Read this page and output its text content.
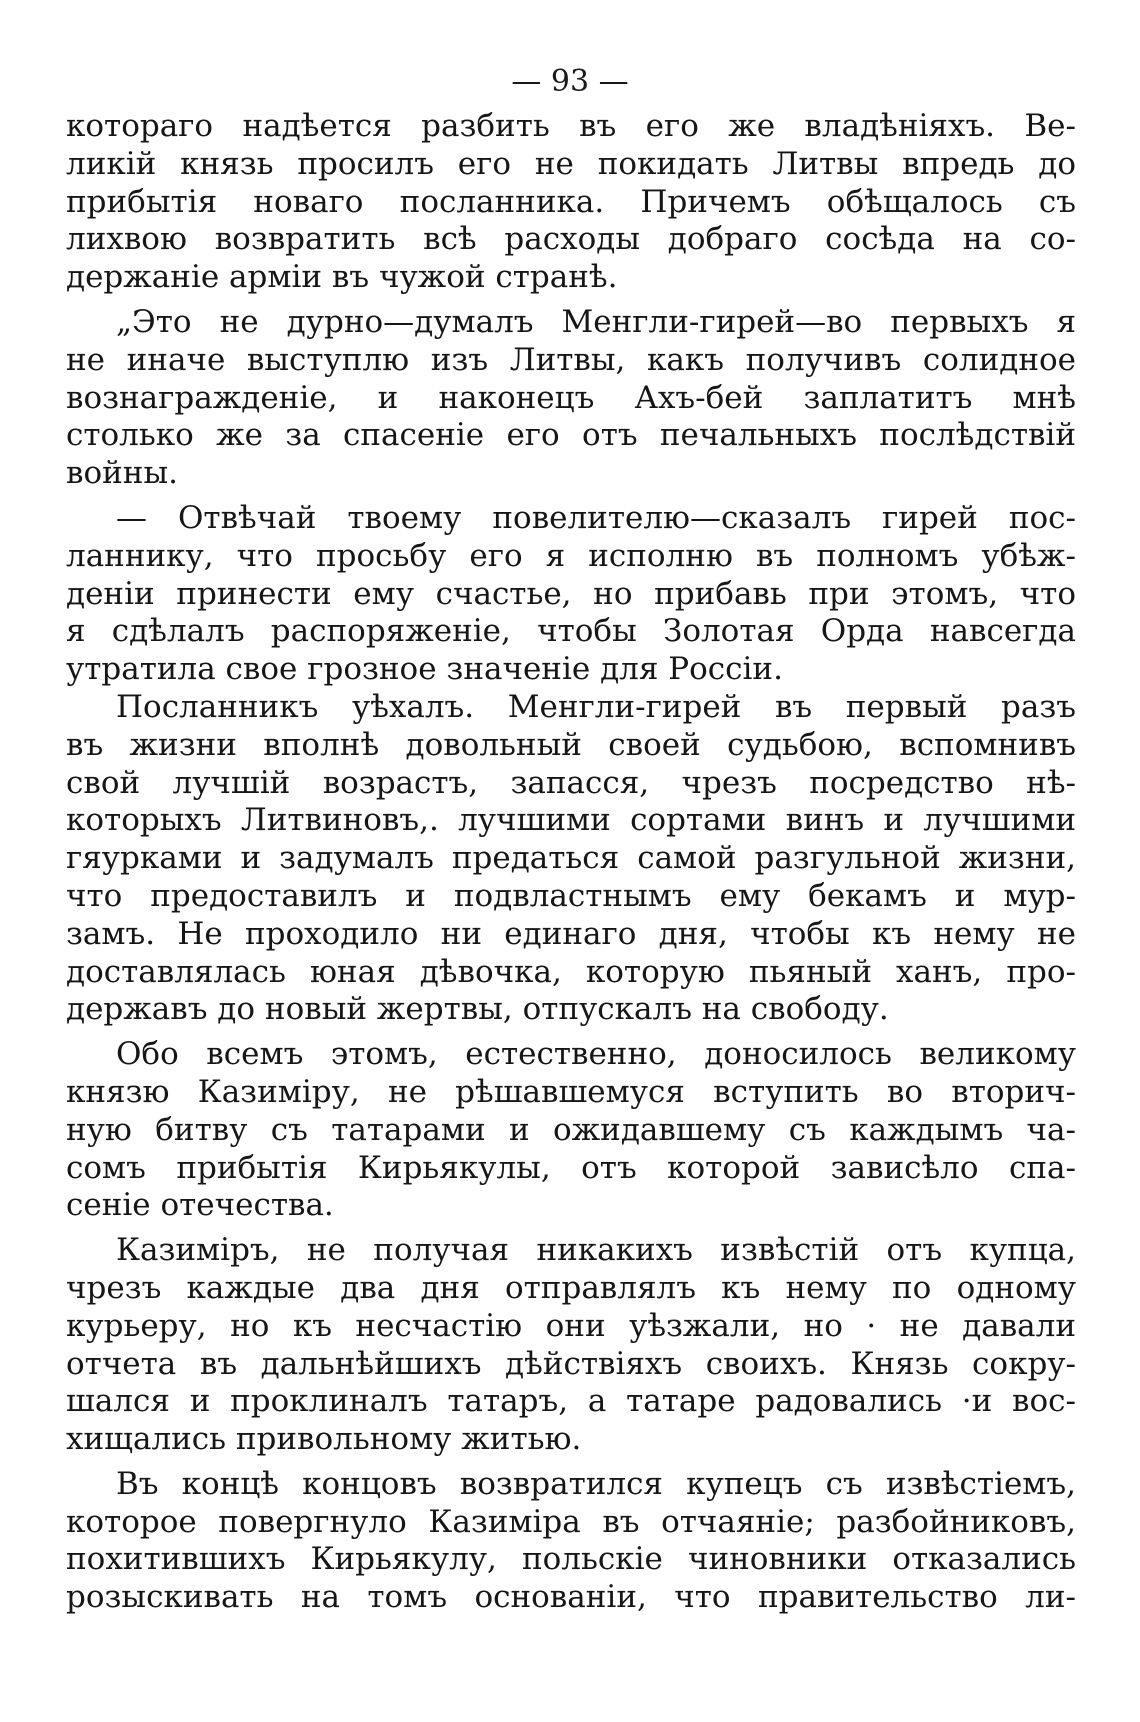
— 93 —
котораго надѣется разбить въ его же владѣніяхъ. Ве-
ликій князь просилъ его не покидать Литвы впредь до
прибытія новаго посланника. Причемъ обѣщалось съ
лихвою возвратить всѣ расходы добраго сосѣда на со-
держаніе арміи въ чужой странѣ.
„Это не дурно—думалъ Менгли-гирей—во первыхъ я
не иначе выступлю изъ Литвы, какъ получивъ солидное
вознагражденіе, и наконецъ Ахъ-бей заплатитъ мнѣ
столько же за спасеніе его отъ печальныхъ послѣдствій
войны.
— Отвѣчай твоему повелителю—сказалъ гирей пос-
ланнику, что просьбу его я исполню въ полномъ убѣж-
деніи принести ему счастье, но прибавь при этомъ, что
я сдѣлалъ распоряженіе, чтобы Золотая Орда навсегда
утратила свое грозное значеніе для Россіи.
Посланникъ уѣхалъ. Менгли-гирей въ первый разъ
въ жизни вполнѣ довольный своей судьбою, вспомнивъ
свой лучшій возрастъ, запасся, чрезъ посредство нѣ-
которыхъ Литвиновъ,. лучшими сортами винъ и лучшими
гяурками и задумалъ предаться самой разгульной жизни,
что предоставилъ и подвластнымъ ему бекамъ и мур-
замъ. Не проходило ни единаго дня, чтобы къ нему не
доставлялась юная дѣвочка, которую пьяный ханъ, про-
державъ до новый жертвы, отпускалъ на свободу.
Обо всемъ этомъ, естественно, доносилось великому
князю Казиміру, не рѣшавшемуся вступить во вторич-
ную битву съ татарами и ожидавшему съ каждымъ ча-
сомъ прибытія Кирьякулы, отъ которой зависѣло спа-
сеніе отечества.
Казиміръ, не получая никакихъ извѣстій отъ купца,
чрезъ каждые два дня отправлялъ къ нему по одному
курьеру, но къ несчастію они уѣзжали, но · не давали
отчета въ дальнѣйшихъ дѣйствіяхъ своихъ. Князь сокру-
шался и проклиналъ татаръ, а татаре радовались ·и вос-
хищались привольному житью.
Въ концѣ концовъ возвратился купецъ съ извѣстіемъ,
которое повергнуло Казиміра въ отчаяніе; разбойниковъ,
похитившихъ Кирьякулу, польскіе чиновники отказались
розыскивать на томъ основаніи, что правительство ли-
